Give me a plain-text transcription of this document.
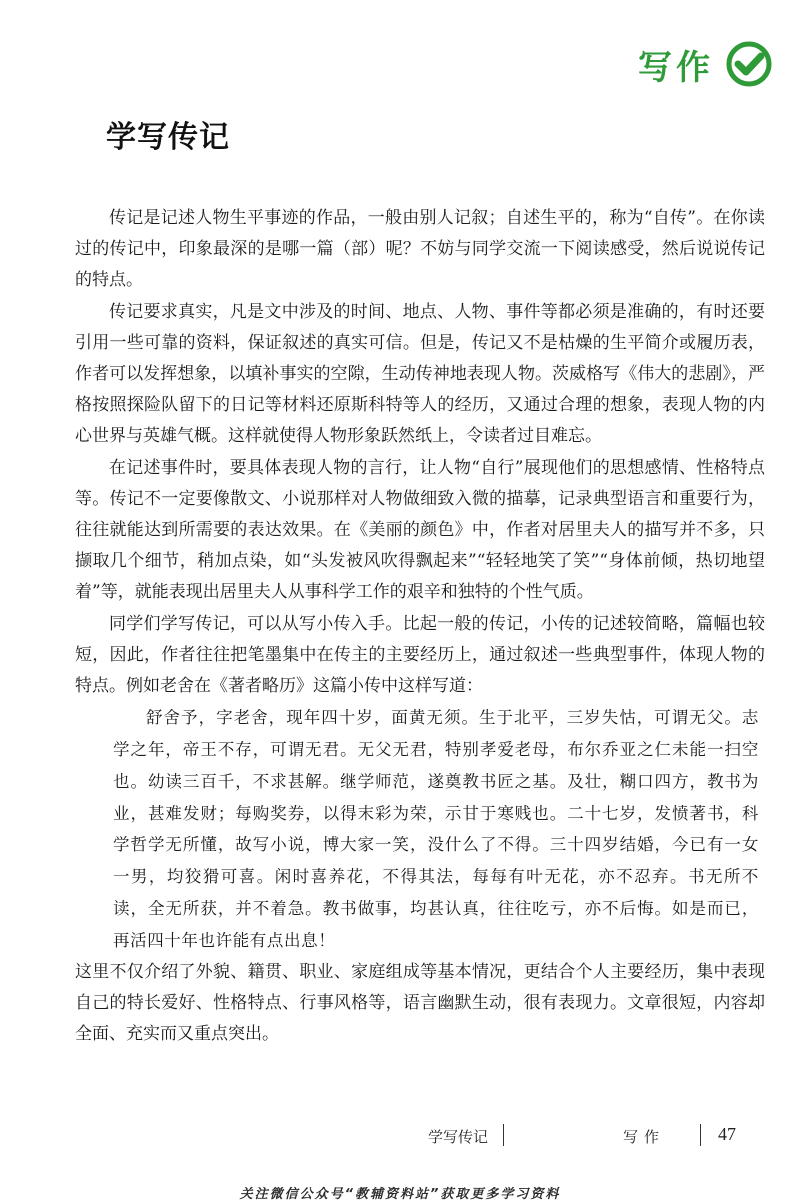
写作
学写传记

传记是记述人物生平事迹的作品，一般由别人记叙；自述生平的，称为“自传”。在你读过的传记中，印象最深的是哪一篇（部）呢？不妨与同学交流一下阅读感受，然后说说传记的特点。

传记要求真实，凡是文中涉及的时间、地点、人物、事件等都必须是准确的，有时还要引用一些可靠的资料，保证叙述的真实可信。但是，传记又不是枯燥的生平简介或履历表，作者可以发挥想象，以填补事实的空隙，生动传神地表现人物。茨威格写《伟大的悲剧》，严格按照探险队留下的日记等材料还原斯科特等人的经历，又通过合理的想象，表现人物的内心世界与英雄气概。这样就使得人物形象跃然纸上，令读者过目难忘。

在记述事件时，要具体表现人物的言行，让人物“自行”展现他们的思想感情、性格特点等。传记不一定要像散文、小说那样对人物做细致入微的描摹，记录典型语言和重要行为，往往就能达到所需要的表达效果。在《美丽的颜色》中，作者对居里夫人的描写并不多，只撷取几个细节，稍加点染，如“头发被风吹得飘起来”“轻轻地笑了笑”“身体前倾，热切地望着”等，就能表现出居里夫人从事科学工作的艰辛和独特的个性气质。

同学们学写传记，可以从写小传入手。比起一般的传记，小传的记述较简略，篇幅也较短，因此，作者往往把笔墨集中在传主的主要经历上，通过叙述一些典型事件，体现人物的特点。例如老舍在《著者略历》这篇小传中这样写道：

舒舍予，字老舍，现年四十岁，面黄无须。生于北平，三岁失怙，可谓无父。志学之年，帝王不存，可谓无君。无父无君，特别孝爱老母，布尔乔亚之仁未能一扫空也。幼读三百千，不求甚解。继学师范，遂奠教书匠之基。及壮，糊口四方，教书为业，甚难发财；每购奖券，以得末彩为荣，示甘于寒贱也。二十七岁，发愤著书，科学哲学无所懂，故写小说，博大家一笑，没什么了不得。三十四岁结婚，今已有一女一男，均狡猾可喜。闲时喜养花，不得其法，每每有叶无花，亦不忍弃。书无所不读，全无所获，并不着急。教书做事，均甚认真，往往吃亏，亦不后悔。如是而已，再活四十年也许能有点出息！

这里不仅介绍了外貌、籍贯、职业、家庭组成等基本情况，更结合个人主要经历，集中表现自己的特长爱好、性格特点、行事风格等，语言幽默生动，很有表现力。文章很短，内容却全面、充实而又重点突出。

学写传记	写作	47
关注微信公众号“教辅资料站”获取更多学习资料
